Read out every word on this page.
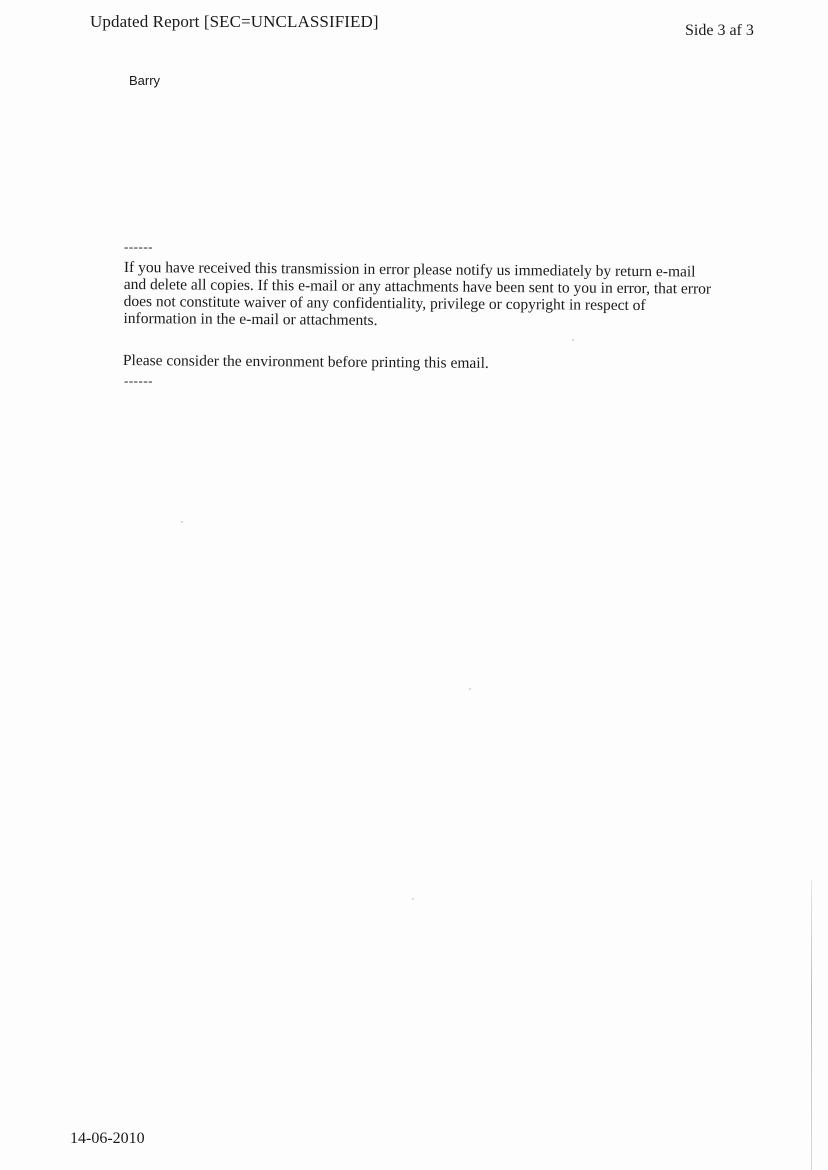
Updated Report [SEC=UNCLASSIFIED]	Side 3 af 3
Barry
------
If you have received this transmission in error please notify us immediately by return e-mail
and delete all copies. If this e-mail or any attachments have been sent to you in error, that error
does not constitute waiver of any confidentiality, privilege or copyright in respect of
information in the e-mail or attachments.
Please consider the environment before printing this email.
------
14-06-2010
